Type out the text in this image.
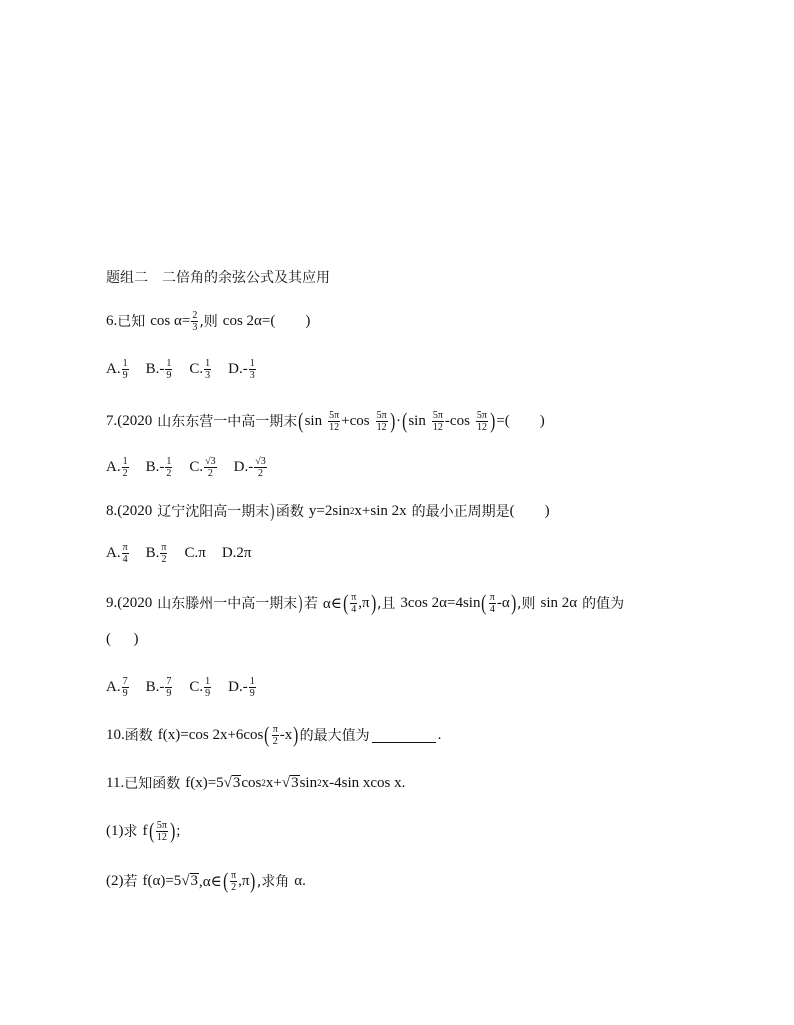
题组二 二倍角的余弦公式及其应用
6. 已知 $\cos \alpha= \frac{2}{3}$ ,则 cos 2α=( )
A. $\frac{1}{9} B$. - $\frac{1}{9} C$. $\frac{1}{3} D$. - $\frac{1}{3}$
7.(2020 山东东营一中高一期末 ( $\sin \frac{5\pi}{12} +\cos \frac{5\pi}{12}$ ) · ( $\sin \frac{5\pi}{12} -\cos \frac{5\pi}{12}$ ) =( )
A. $\frac{1}{2} B$. - $\frac{1}{2} C$. $\frac{√3}{2} D$. - $\frac{√3}{2}$
8.(2020 辽宁沈阳高一期末 ) 函数 y=2sin 2 x+sin 2x 的最小正周期是 ( )
A. $\frac{\pi}{4} B$. $\frac{\pi}{2} C$. π D. 2π
9.(2020 山东滕州一中高一期末 ) 若 α∈ ( $\frac{\pi}{4} ,\pi$ ) ,且 3cos 2α=4sin ( $\frac{\pi}{4} -\alpha$ ) ,则 sin 2α 的值为
(      )
A. $\frac{7}{9} B$. - $\frac{7}{9} C$. $\frac{1}{9} D$. - $\frac{1}{9}$
10. 函数 f(x)=cos 2x+6cos ( $\frac{\pi}{2} -x$ ) 的最大值为	.
11. 已知函数 f(x)=5 √ 3 cos 2 x+ √ 3 sin 2 x-4sin xcos x.
(1) 求 f ( $\frac{5\pi}{12}$ ) ;
(2) 若 f(α)=5 √ 3 ,α∈ ( $\frac{\pi}{2} ,\pi$ ) ,求角 α.
